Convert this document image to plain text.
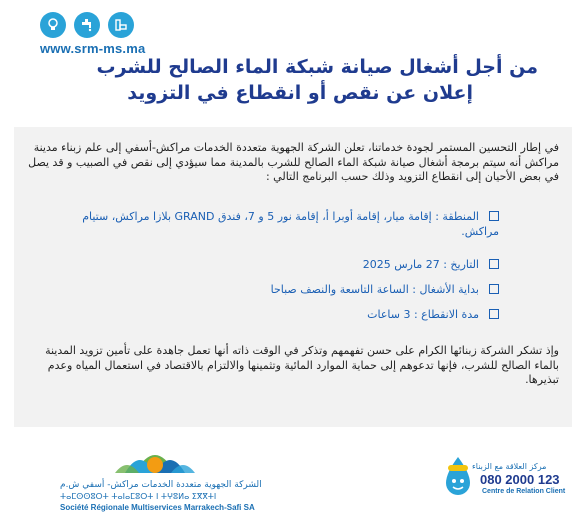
www.srm-ms.ma
من أجل أشغال صيانة شبكة الماء الصالح للشرب
إعلان عن نقص أو انقطاع في التزويد
في إطار التحسين المستمر لجودة خدماتنا، تعلن الشركة الجهوية متعددة الخدمات مراكش-أسفي إلى علم زبناء مدينة مراكش أنه سيتم برمجة أشغال صيانة شبكة الماء الصالح للشرب بالمدينة مما سيؤدي إلى نقص في الصبيب و قد يصل في بعض الأحيان إلى انقطاع التزويد وذلك حسب البرنامج التالي :
المنطقة : إقامة ميار، إقامة أوبرا أ، إقامة نور 5 و 7، فندق GRAND بلازا مراكش، ستيام
مراكش.
التاريخ : 27 مارس 2025
بداية الأشغال : الساعة التاسعة والنصف صباحا
مدة الانقطاع : 3 ساعات
وإذ تشكر الشركة زبنائها الكرام على حسن تفهمهم وتذكر في الوقت ذاته أنها تعمل جاهدة على تأمين تزويد المدينة بالماء الصالح للشرب، فإنها تدعوهم إلى حماية الموارد المائية وتثمينها والالتزام بالاقتصاد في استعمال المياه وعدم تبذيرها.
الشركة الجهوية متعددة الخدمات مراكش- أسفي ش.م
ⵜⴰⵎⵙⵙⵓⵔⵜ ⵜⴰⵏⴰⵎⵓⵔⵜ ⵏ ⵜⵖⵓⵍⴰ ⵉⴳⴳⵜⵏ
Société Régionale Multiservices Marrakech-Safi SA
مركز العلاقة مع الزبناء
080 2000 123
Centre de Relation Client
